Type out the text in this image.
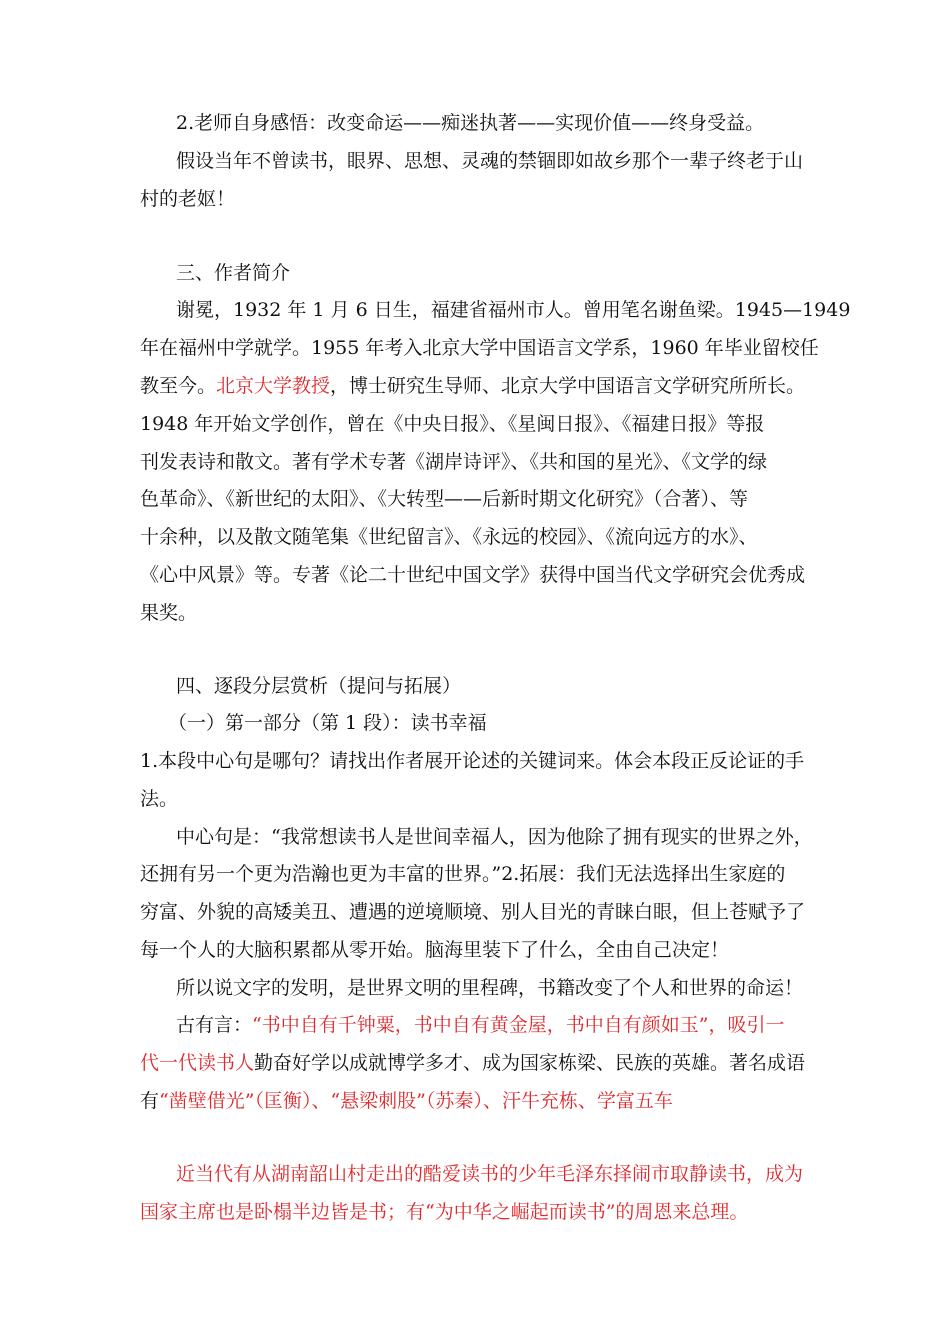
2.老师自身感悟：改变命运——痴迷执著——实现价值——终身受益。
假设当年不曾读书，眼界、思想、灵魂的禁锢即如故乡那个一辈子终老于山
村的老妪！
三、作者简介
谢冕，1932 年 1 月 6 日生，福建省福州市人。曾用笔名谢鱼梁。1945—1949
年在福州中学就学。1955 年考入北京大学中国语言文学系，1960 年毕业留校任
教至今。北京大学教授，博士研究生导师、北京大学中国语言文学研究所所长。
1948 年开始文学创作，曾在《中央日报》、《星闽日报》、《福建日报》等报
刊发表诗和散文。著有学术专著《湖岸诗评》、《共和国的星光》、《文学的绿
色革命》、《新世纪的太阳》、《大转型——后新时期文化研究》（合著）、等
十余种，以及散文随笔集《世纪留言》、《永远的校园》、《流向远方的水》、
《心中风景》等。专著《论二十世纪中国文学》获得中国当代文学研究会优秀成
果奖。
四、逐段分层赏析（提问与拓展）
（一）第一部分（第 1 段）：读书幸福
1.本段中心句是哪句？请找出作者展开论述的关键词来。体会本段正反论证的手
法。
中心句是：“我常想读书人是世间幸福人，因为他除了拥有现实的世界之外，
还拥有另一个更为浩瀚也更为丰富的世界。”2.拓展：我们无法选择出生家庭的
穷富、外貌的高矮美丑、遭遇的逆境顺境、别人目光的青睐白眼，但上苍赋予了
每一个人的大脑积累都从零开始。脑海里装下了什么，全由自己决定！
所以说文字的发明，是世界文明的里程碑，书籍改变了个人和世界的命运！
古有言：“书中自有千钟粟，书中自有黄金屋，书中自有颜如玉”，吸引一
代一代读书人勤奋好学以成就博学多才、成为国家栋梁、民族的英雄。著名成语
有“凿壁借光”（匡衡）、“悬梁刺股”（苏秦）、汗牛充栋、学富五车
近当代有从湖南韶山村走出的酷爱读书的少年毛泽东择闹市取静读书，成为
国家主席也是卧榻半边皆是书；有“为中华之崛起而读书”的周恩来总理。
